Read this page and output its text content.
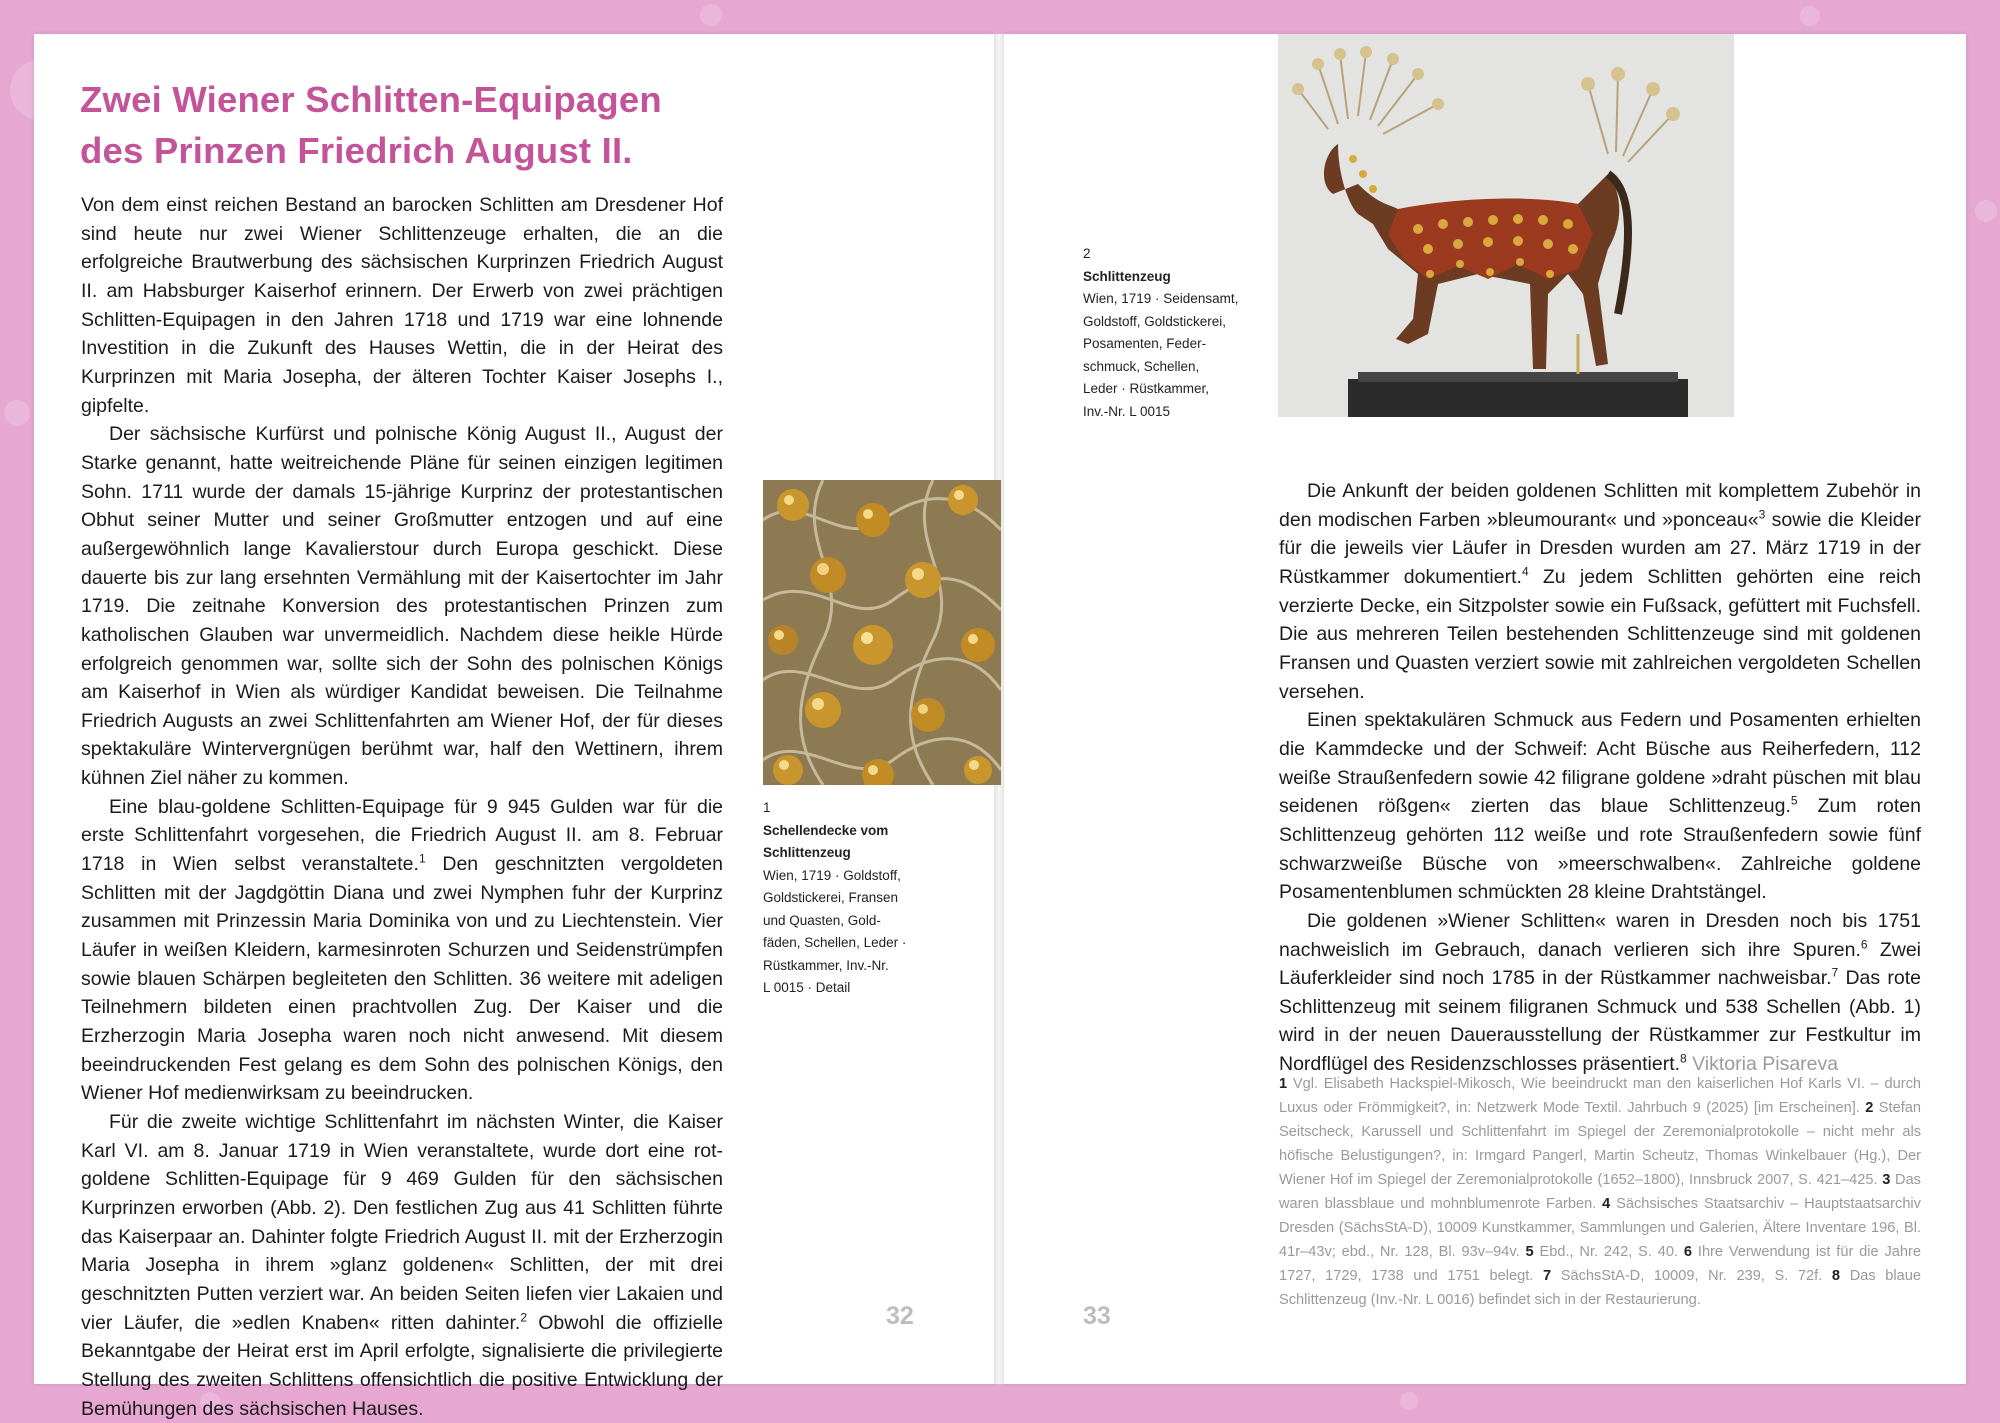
Zwei Wiener Schlitten-Equipagen
des Prinzen Friedrich August II.

Von dem einst reichen Bestand an barocken Schlitten am Dresdener Hof sind heute nur zwei Wiener Schlittenzeuge erhalten, die an die erfolgreiche Brautwerbung des sächsischen Kurprinzen Friedrich August II. am Habsburger Kaiserhof erinnern. Der Erwerb von zwei prächtigen Schlitten-Equipagen in den Jahren 1718 und 1719 war eine lohnende Investition in die Zukunft des Hauses Wettin, die in der Heirat des Kurprinzen mit Maria Josepha, der älteren Tochter Kaiser Josephs I., gipfelte.

Der sächsische Kurfürst und polnische König August II., August der Starke genannt, hatte weitreichende Pläne für seinen einzigen legitimen Sohn. 1711 wurde der damals 15-jährige Kurprinz der protestantischen Obhut seiner Mutter und seiner Großmutter entzogen und auf eine außergewöhnlich lange Kavalierstour durch Europa geschickt. Diese dauerte bis zur lang ersehnten Vermählung mit der Kaisertochter im Jahr 1719. Die zeitnahe Konversion des protestantischen Prinzen zum katholischen Glauben war unvermeidlich. Nachdem diese heikle Hürde erfolgreich genommen war, sollte sich der Sohn des polnischen Königs am Kaiserhof in Wien als würdiger Kandidat beweisen. Die Teilnahme Friedrich Augusts an zwei Schlittenfahrten am Wiener Hof, der für dieses spektakuläre Wintervergnügen berühmt war, half den Wettinern, ihrem kühnen Ziel näher zu kommen.

Eine blau-goldene Schlitten-Equipage für 9 945 Gulden war für die erste Schlittenfahrt vorgesehen, die Friedrich August II. am 8. Februar 1718 in Wien selbst veranstaltete.$^1$ Den geschnitzten vergoldeten Schlitten mit der Jagdgöttin Diana und zwei Nymphen fuhr der Kurprinz zusammen mit Prinzessin Maria Dominika von und zu Liechtenstein. Vier Läufer in weißen Kleidern, karmesinroten Schurzen und Seidenstrümpfen sowie blauen Schärpen begleiteten den Schlitten. 36 weitere mit adeligen Teilnehmern bildeten einen prachtvollen Zug. Der Kaiser und die Erzherzogin Maria Josepha waren noch nicht anwesend. Mit diesem beeindruckenden Fest gelang es dem Sohn des polnischen Königs, den Wiener Hof medienwirksam zu beeindrucken.

Für die zweite wichtige Schlittenfahrt im nächsten Winter, die Kaiser Karl VI. am 8. Januar 1719 in Wien veranstaltete, wurde dort eine rot-goldene Schlitten-Equipage für 9 469 Gulden für den sächsischen Kurprinzen erworben (Abb. 2). Den festlichen Zug aus 41 Schlitten führte das Kaiserpaar an. Dahinter folgte Friedrich August II. mit der Erzherzogin Maria Josepha in ihrem »glanz goldenen« Schlitten, der mit drei geschnitzten Putten verziert war. An beiden Seiten liefen vier Lakaien und vier Läufer, die »edlen Knaben« ritten dahinter.$^2$ Obwohl die offizielle Bekanntgabe der Heirat erst im April erfolgte, signalisierte die privilegierte Stellung des zweiten Schlittens offensichtlich die positive Entwicklung der Bemühungen des sächsischen Hauses.

1
Schellendecke vom Schlittenzeug
Wien, 1719 · Goldstoff,
Goldstickerei, Fransen
und Quasten, Gold-
fäden, Schellen, Leder ·
Rüstkammer, Inv.-Nr.
L 0015 · Detail
32
2
Schlittenzeug
Wien, 1719 · Seidensamt,
Goldstoff, Goldstickerei,
Posamenten, Feder-
schmuck, Schellen,
Leder · Rüstkammer,
Inv.-Nr. L 0015

Die Ankunft der beiden goldenen Schlitten mit komplettem Zubehör in den modischen Farben »bleumourant« und »ponceau«$^3$ sowie die Kleider für die jeweils vier Läufer in Dresden wurden am 27. März 1719 in der Rüstkammer dokumentiert.$^4$ Zu jedem Schlitten gehörten eine reich verzierte Decke, ein Sitzpolster sowie ein Fußsack, gefüttert mit Fuchsfell. Die aus mehreren Teilen bestehenden Schlittenzeuge sind mit goldenen Fransen und Quasten verziert sowie mit zahlreichen vergoldeten Schellen versehen.

Einen spektakulären Schmuck aus Federn und Posamenten erhielten die Kammdecke und der Schweif: Acht Büsche aus Reiherfedern, 112 weiße Straußenfedern sowie 42 filigrane goldene »draht püschen mit blau seidenen rößgen« zierten das blaue Schlittenzeug.$^5$ Zum roten Schlittenzeug gehörten 112 weiße und rote Straußenfedern sowie fünf schwarzweiße Büsche von »meerschwalben«. Zahlreiche goldene Posamentenblumen schmückten 28 kleine Drahtstängel.

Die goldenen »Wiener Schlitten« waren in Dresden noch bis 1751 nachweislich im Gebrauch, danach verlieren sich ihre Spuren.$^6$ Zwei Läuferkleider sind noch 1785 in der Rüstkammer nachweisbar.$^7$ Das rote Schlittenzeug mit seinem filigranen Schmuck und 538 Schellen (Abb. 1) wird in der neuen Dauerausstellung der Rüstkammer zur Festkultur im Nordflügel des Residenzschlosses präsentiert.$^8$ Viktoria Pisareva

1 Vgl. Elisabeth Hackspiel-Mikosch, Wie beeindruckt man den kaiserlichen Hof Karls VI. – durch Luxus oder Frömmigkeit?, in: Netzwerk Mode Textil. Jahrbuch 9 (2025) [im Erscheinen]. 2 Stefan Seitscheck, Karussell und Schlittenfahrt im Spiegel der Zeremonialprotokolle – nicht mehr als höfische Belustigungen?, in: Irmgard Pangerl, Martin Scheutz, Thomas Winkelbauer (Hg.), Der Wiener Hof im Spiegel der Zeremonialprotokolle (1652–1800), Innsbruck 2007, S. 421–425. 3 Das waren blassblaue und mohnblumenrote Farben. 4 Sächsisches Staatsarchiv – Hauptstaatsarchiv Dresden (SächsStA-D), 10009 Kunstkammer, Sammlungen und Galerien, Ältere Inventare 196, Bl. 41r–43v; ebd., Nr. 128, Bl. 93v–94v. 5 Ebd., Nr. 242, S. 40. 6 Ihre Verwendung ist für die Jahre 1727, 1729, 1738 und 1751 belegt. 7 SächsStA-D, 10009, Nr. 239, S. 72f. 8 Das blaue Schlittenzeug (Inv.-Nr. L 0016) befindet sich in der Restaurierung.
33
